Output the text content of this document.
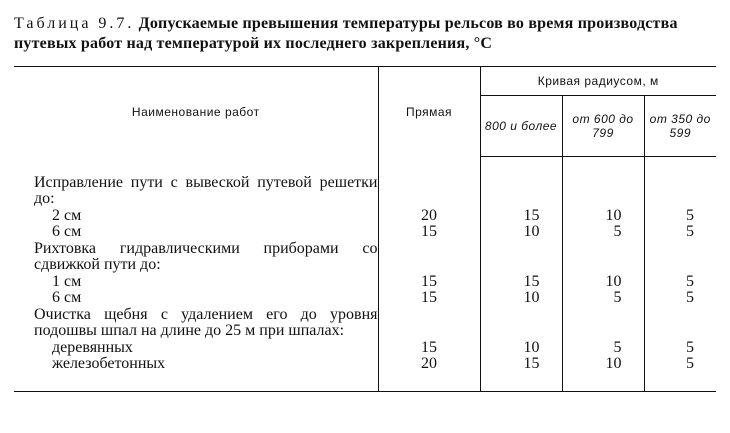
Таблица 9.7. Допускаемые превышения температуры рельсов во время производства путевых работ над температурой их последнего закрепления, °С
Наименование работ	Прямая	Кривая радиусом, м		
		800 и более	от 600 до 799	от 350 до 599
Исправление пути с вывеской путевой решетки до:				
2 см	20	15	10	5
6 см	15	10	5	5
Рихтовка гидравлическими приборами со сдвижкой пути до:				
1 см	15	15	10	5
6 см	15	10	5	5
Очистка щебня с удалением его до уровня подошвы шпал на длине до 25 м при шпалах:				
деревянных	15	10	5	5
железобетонных	20	15	10	5
